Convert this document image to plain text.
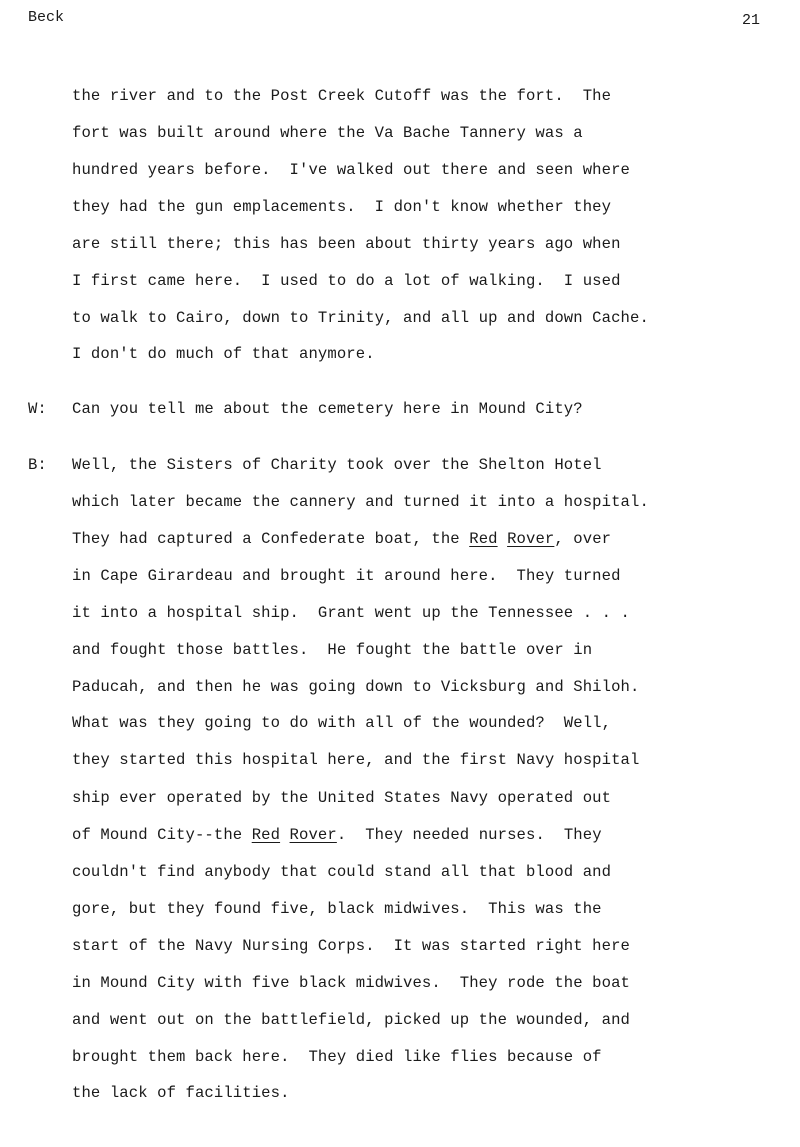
Beck	21
the river and to the Post Creek Cutoff was the fort.  The
fort was built around where the Va Bache Tannery was a
hundred years before.  I've walked out there and seen where
they had the gun emplacements.  I don't know whether they
are still there; this has been about thirty years ago when
I first came here.  I used to do a lot of walking.  I used
to walk to Cairo, down to Trinity, and all up and down Cache.
I don't do much of that anymore.
W: Can you tell me about the cemetery here in Mound City?
B: Well, the Sisters of Charity took over the Shelton Hotel
which later became the cannery and turned it into a hospital.
They had captured a Confederate boat, the Red Rover, over
in Cape Girardeau and brought it around here.  They turned
it into a hospital ship.  Grant went up the Tennessee . . .
and fought those battles.  He fought the battle over in
Paducah, and then he was going down to Vicksburg and Shiloh.
What was they going to do with all of the wounded?  Well,
they started this hospital here, and the first Navy hospital
ship ever operated by the United States Navy operated out
of Mound City--the Red Rover.  They needed nurses.  They
couldn't find anybody that could stand all that blood and
gore, but they found five, black midwives.  This was the
start of the Navy Nursing Corps.  It was started right here
in Mound City with five black midwives.  They rode the boat
and went out on the battlefield, picked up the wounded, and
brought them back here.  They died like flies because of
the lack of facilities.
